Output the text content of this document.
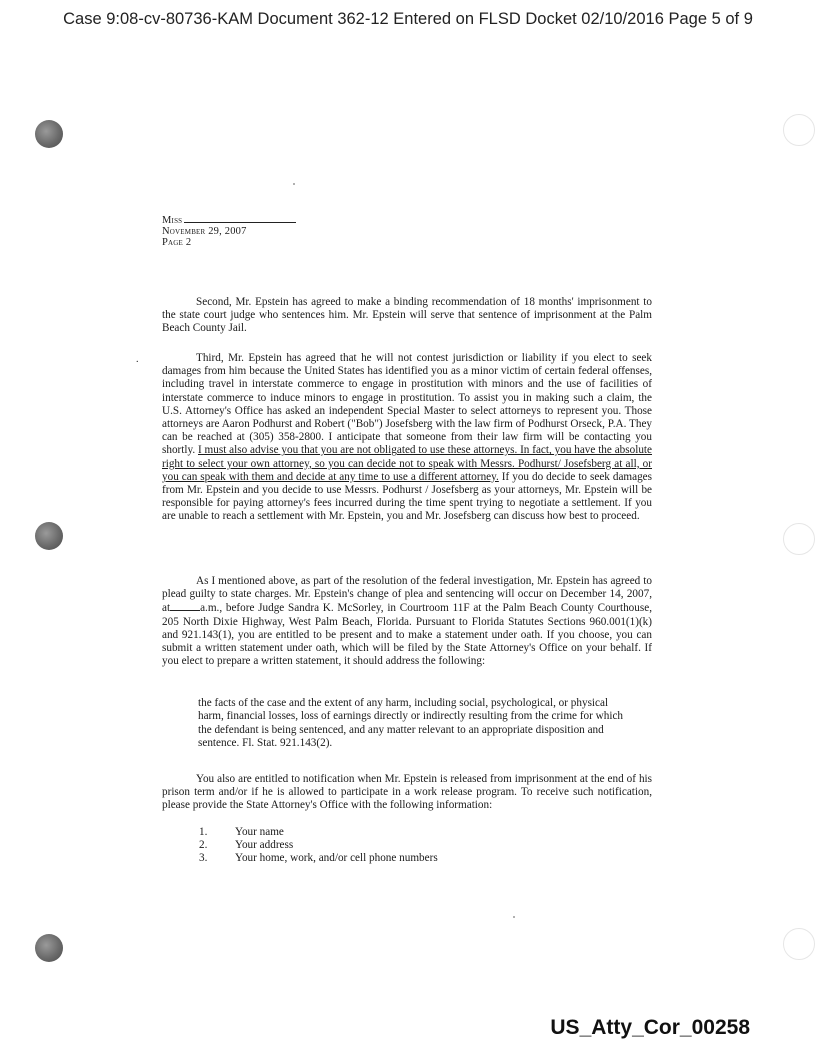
Case 9:08-cv-80736-KAM Document 362-12 Entered on FLSD Docket 02/10/2016 Page 5 of 9
Miss
November 29, 2007
Page 2

Second, Mr. Epstein has agreed to make a binding recommendation of 18 months' imprisonment to the state court judge who sentences him. Mr. Epstein will serve that sentence of imprisonment at the Palm Beach County Jail.

.	Third, Mr. Epstein has agreed that he will not contest jurisdiction or liability if you elect to seek damages from him because the United States has identified you as a minor victim of certain federal offenses, including travel in interstate commerce to engage in prostitution with minors and the use of facilities of interstate commerce to induce minors to engage in prostitution. To assist you in making such a claim, the U.S. Attorney's Office has asked an independent Special Master to select attorneys to represent you. Those attorneys are Aaron Podhurst and Robert ("Bob") Josefsberg with the law firm of Podhurst Orseck, P.A. They can be reached at (305) 358-2800. I anticipate that someone from their law firm will be contacting you shortly. I must also advise you that you are not obligated to use these attorneys. In fact, you have the absolute right to select your own attorney, so you can decide not to speak with Messrs. Podhurst/ Josefsberg at all, or you can speak with them and decide at any time to use a different attorney. If you do decide to seek damages from Mr. Epstein and you decide to use Messrs. Podhurst / Josefsberg as your attorneys, Mr. Epstein will be responsible for paying attorney's fees incurred during the time spent trying to negotiate a settlement. If you are unable to reach a settlement with Mr. Epstein, you and Mr. Josefsberg can discuss how best to proceed.

As I mentioned above, as part of the resolution of the federal investigation, Mr. Epstein has agreed to plead guilty to state charges. Mr. Epstein's change of plea and sentencing will occur on December 14, 2007, at	a.m., before Judge Sandra K. McSorley, in Courtroom 11F at the Palm Beach County Courthouse, 205 North Dixie Highway, West Palm Beach, Florida. Pursuant to Florida Statutes Sections 960.001(1)(k) and 921.143(1), you are entitled to be present and to make a statement under oath. If you choose, you can submit a written statement under oath, which will be filed by the State Attorney's Office on your behalf. If you elect to prepare a written statement, it should address the following:

the facts of the case and the extent of any harm, including social, psychological, or physical harm, financial losses, loss of earnings directly or indirectly resulting from the crime for which the defendant is being sentenced, and any matter relevant to an appropriate disposition and sentence. Fl. Stat. 921.143(2).

You also are entitled to notification when Mr. Epstein is released from imprisonment at the end of his prison term and/or if he is allowed to participate in a work release program. To receive such notification, please provide the State Attorney's Office with the following information:

1.	Your name
2.	Your address
3.	Your home, work, and/or cell phone numbers
US_Atty_Cor_00258
